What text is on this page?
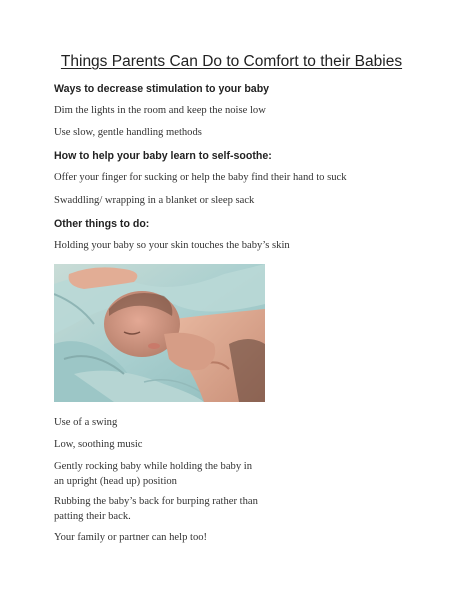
Things Parents Can Do to Comfort to their Babies
Ways to decrease stimulation to your baby

Dim the lights in the room and keep the noise low

Use slow, gentle handling methods

How to help your baby learn to self-soothe:

Offer your finger for sucking or help the baby find their hand to suck

Swaddling/ wrapping in a blanket or sleep sack

Other things to do:

Holding your baby so your skin touches the baby’s skin

Use of a swing

Low, soothing music

Gently rocking baby while holding the baby in an upright (head up) position

Rubbing the baby’s back for burping rather than patting their back.

Your family or partner can help too!
